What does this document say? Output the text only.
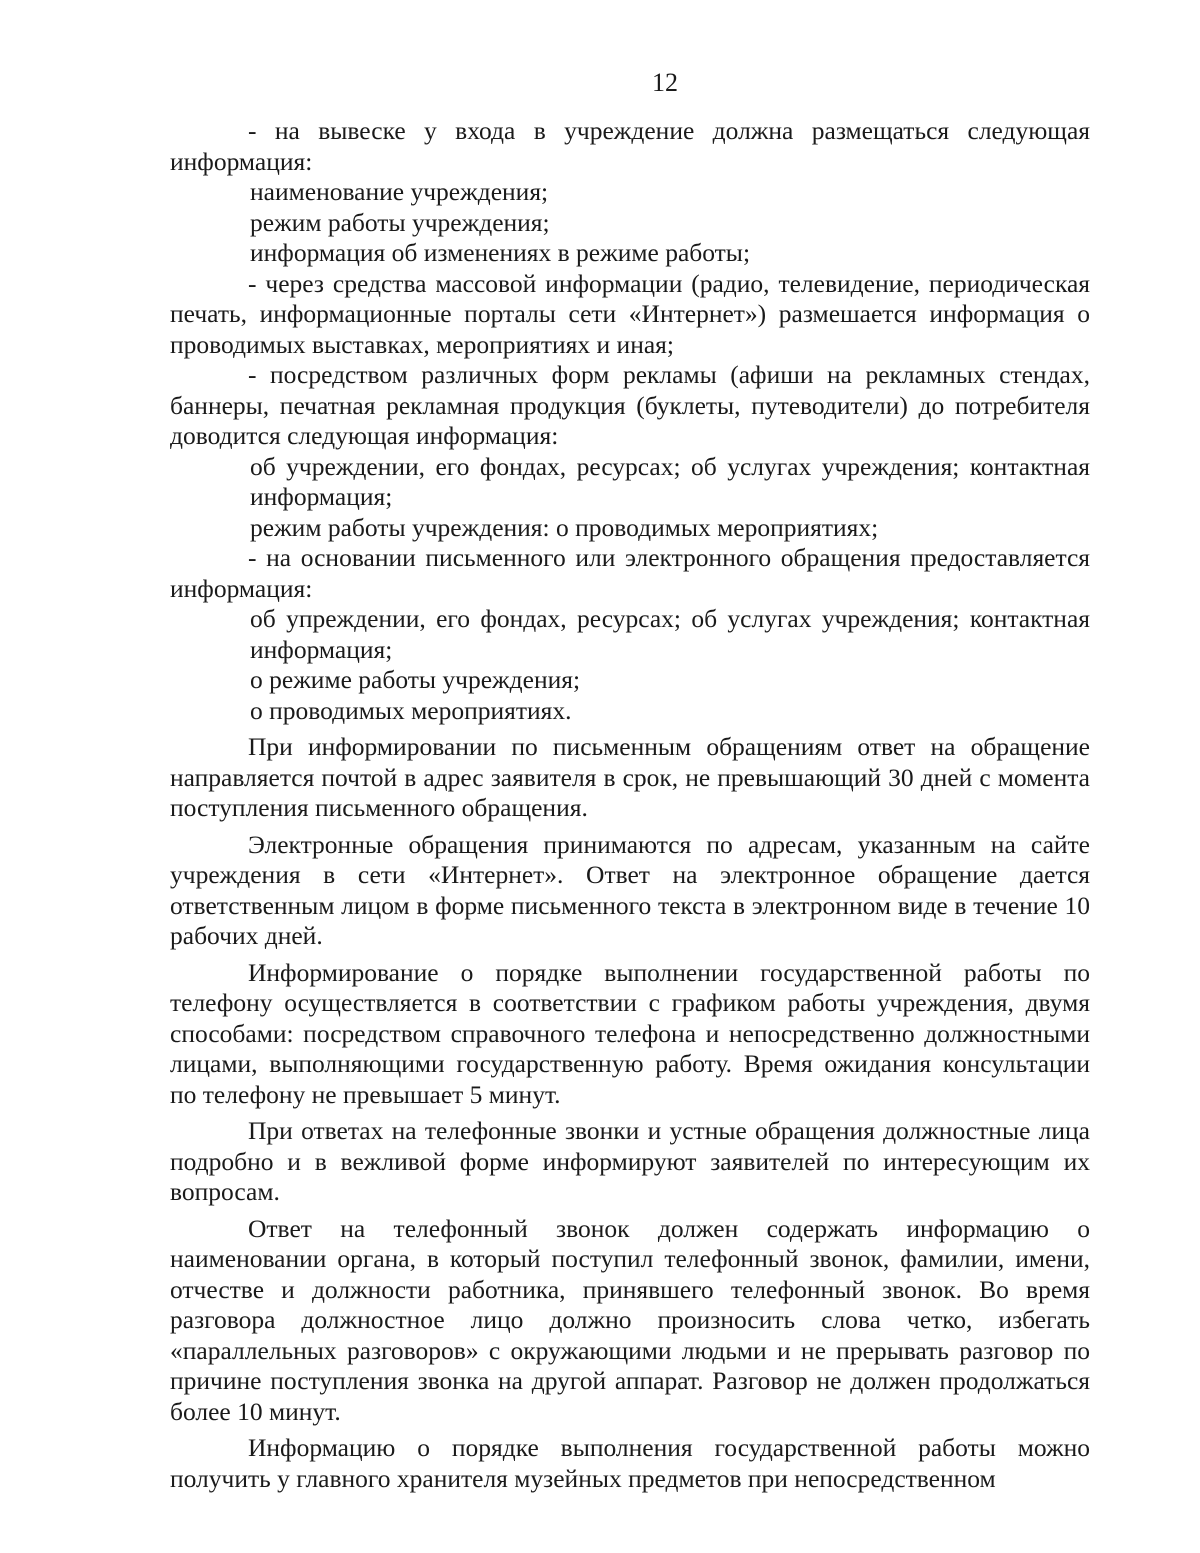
12

- на вывеске у входа в учреждение должна размещаться следующая информация:

наименование учреждения;

режим работы учреждения;

информация об изменениях в режиме работы;

- через средства массовой информации (радио, телевидение, периодическая печать, информационные порталы сети «Интернет») размешается информация о проводимых выставках, мероприятиях и иная;

- посредством различных форм рекламы (афиши на рекламных стендах, баннеры, печатная рекламная продукция (буклеты, путеводители) до потребителя доводится следующая информация:

об учреждении, его фондах, ресурсах; об услугах учреждения; контактная информация;

режим работы учреждения: о проводимых мероприятиях;

- на основании письменного или электронного обращения предоставляется информация:

об упреждении, его фондах, ресурсах; об услугах учреждения; контактная информация;

о режиме работы учреждения;

о проводимых мероприятиях.

При информировании по письменным обращениям ответ на обращение направляется почтой в адрес заявителя в срок, не превышающий 30 дней с момента поступления письменного обращения.

Электронные обращения принимаются по адресам, указанным на сайте учреждения в сети «Интернет». Ответ на электронное обращение дается ответственным лицом в форме письменного текста в электронном виде в течение 10 рабочих дней.

Информирование о порядке выполнении государственной работы по телефону осуществляется в соответствии с графиком работы учреждения, двумя способами: посредством справочного телефона и непосредственно должностными лицами, выполняющими государственную работу. Время ожидания консультации по телефону не превышает 5 минут.

При ответах на телефонные звонки и устные обращения должностные лица подробно и в вежливой форме информируют заявителей по интересующим их вопросам.

Ответ на телефонный звонок должен содержать информацию о наименовании органа, в который поступил телефонный звонок, фамилии, имени, отчестве и должности работника, принявшего телефонный звонок. Во время разговора должностное лицо должно произносить слова четко, избегать «параллельных разговоров» с окружающими людьми и не прерывать разговор по причине поступления звонка на другой аппарат. Разговор не должен продолжаться более 10 минут.

Информацию о порядке выполнения государственной работы можно получить у главного хранителя музейных предметов при непосредственном
